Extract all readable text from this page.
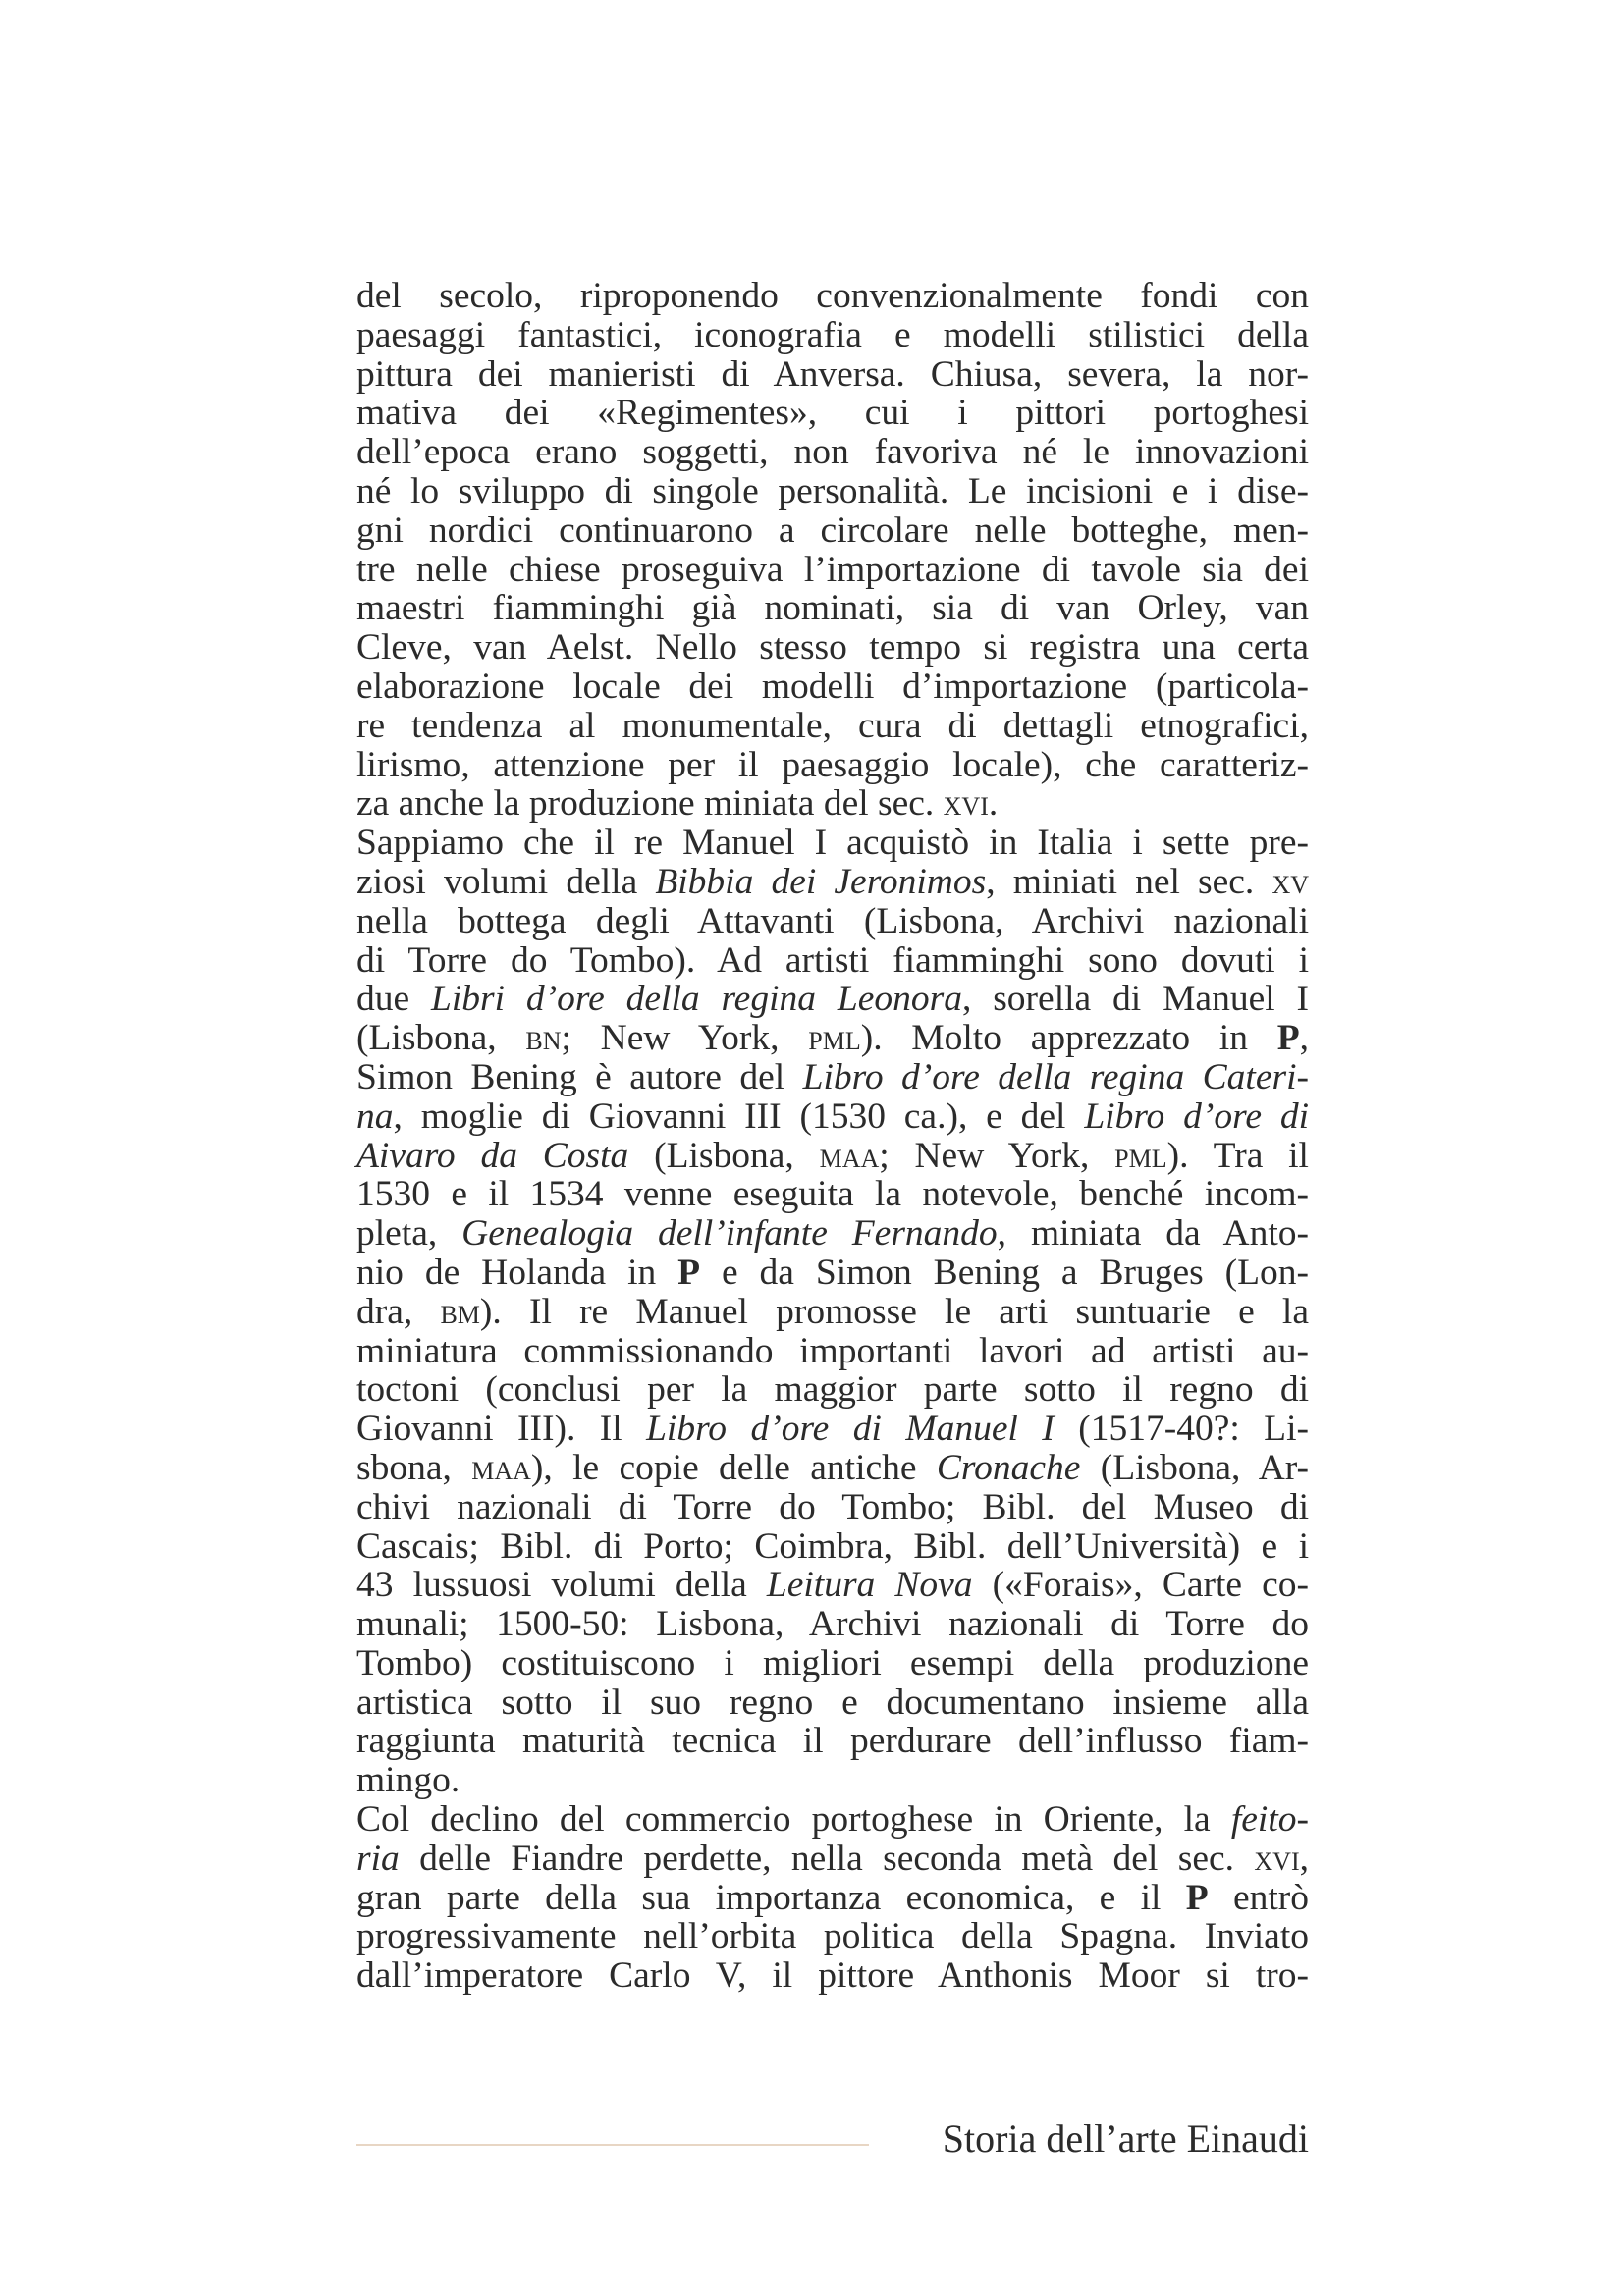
del secolo, riproponendo convenzionalmente fondi con
paesaggi fantastici, iconografia e modelli stilistici della
pittura dei manieristi di Anversa. Chiusa, severa, la nor-
mativa dei «Regimentes», cui i pittori portoghesi
dell’epoca erano soggetti, non favoriva né le innovazioni
né lo sviluppo di singole personalità. Le incisioni e i dise-
gni nordici continuarono a circolare nelle botteghe, men-
tre nelle chiese proseguiva l’importazione di tavole sia dei
maestri fiamminghi già nominati, sia di van Orley, van
Cleve, van Aelst. Nello stesso tempo si registra una certa
elaborazione locale dei modelli d’importazione (particola-
re tendenza al monumentale, cura di dettagli etnografici,
lirismo, attenzione per il paesaggio locale), che caratteriz-
za anche la produzione miniata del sec. xvi.
Sappiamo che il re Manuel I acquistò in Italia i sette pre-
ziosi volumi della Bibbia dei Jeronimos, miniati nel sec. xv
nella bottega degli Attavanti (Lisbona, Archivi nazionali
di Torre do Tombo). Ad artisti fiamminghi sono dovuti i
due Libri d’ore della regina Leonora, sorella di Manuel I
(Lisbona, bn; New York, pml). Molto apprezzato in P,
Simon Bening è autore del Libro d’ore della regina Cateri-
na, moglie di Giovanni III (1530 ca.), e del Libro d’ore di
Aivaro da Costa (Lisbona, maa; New York, pml). Tra il
1530 e il 1534 venne eseguita la notevole, benché incom-
pleta, Genealogia dell’infante Fernando, miniata da Anto-
nio de Holanda in P e da Simon Bening a Bruges (Lon-
dra, bm). Il re Manuel promosse le arti suntuarie e la
miniatura commissionando importanti lavori ad artisti au-
toctoni (conclusi per la maggior parte sotto il regno di
Giovanni III). Il Libro d’ore di Manuel I (1517-40?: Li-
sbona, maa), le copie delle antiche Cronache (Lisbona, Ar-
chivi nazionali di Torre do Tombo; Bibl. del Museo di
Cascais; Bibl. di Porto; Coimbra, Bibl. dell’Università) e i
43 lussuosi volumi della Leitura Nova («Forais», Carte co-
munali; 1500-50: Lisbona, Archivi nazionali di Torre do
Tombo) costituiscono i migliori esempi della produzione
artistica sotto il suo regno e documentano insieme alla
raggiunta maturità tecnica il perdurare dell’influsso fiam-
mingo.
Col declino del commercio portoghese in Oriente, la feito-
ria delle Fiandre perdette, nella seconda metà del sec. xvi,
gran parte della sua importanza economica, e il P entrò
progressivamente nell’orbita politica della Spagna. Inviato
dall’imperatore Carlo V, il pittore Anthonis Moor si tro-
Storia dell’arte Einaudi
